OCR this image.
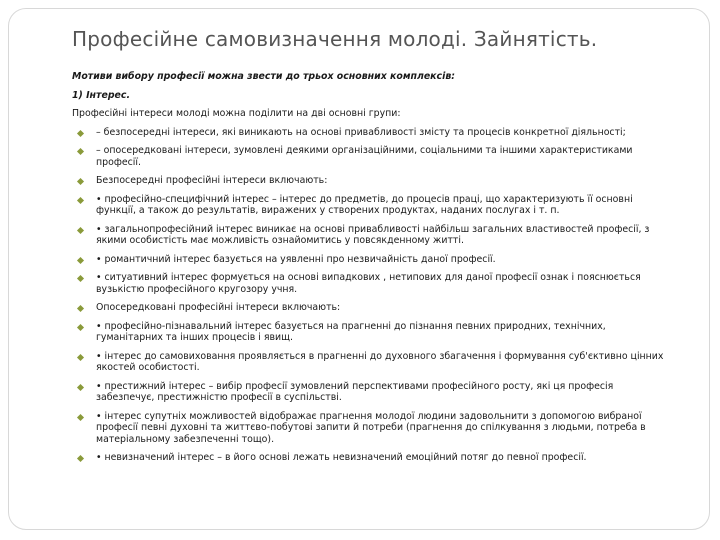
Професійне самовизначення молоді. Зайнятість.
Мотиви вибору професії можна звести до трьох основних комплексів:
1) Інтерес.
Професійні інтереси молоді можна поділити на дві основні групи:
– безпосередні інтереси, які виникають на основі привабливості змісту та процесів конкретної діяльності;
– опосередковані інтереси, зумовлені деякими організаційними, соціальними та іншими характеристиками професії.
Безпосередні професійні інтереси включають:
• професійно-специфічний інтерес – інтерес до предметів, до процесів праці, що характеризують її основні функції, а також до результатів, виражених у створених продуктах, наданих послугах і т. п.
• загальнопрофесійний інтерес виникає на основі привабливості найбільш загальних властивостей професії, з якими особистість має можливість ознайомитись у повсякденному житті.
• романтичний інтерес базується на уявленні про незвичайність даної професії.
• ситуативний інтерес формується на основі випадкових , нетипових для даної професії ознак і пояснюється вузькістю професійного кругозору учня.
Опосередковані професійні інтереси включають:
• професійно-пізнавальний інтерес базується на прагненні до пізнання певних природних, технічних, гуманітарних та інших процесів і явищ.
• інтерес до самовиховання проявляється в прагненні до духовного збагачення і формування суб'єктивно цінних якостей особистості.
• престижний інтерес – вибір професії зумовлений перспективами професійного росту, які ця професія забезпечує, престижністю професії в суспільстві.
• інтерес супутніх можливостей відображає прагнення молодої людини задовольнити з допомогою вибраної професії певні духовні та життєво-побутові запити й потреби (прагнення до спілкування з людьми, потреба в матеріальному забезпеченні тощо).
• невизначений інтерес – в його основі лежать невизначений емоційний потяг до певної професії.
